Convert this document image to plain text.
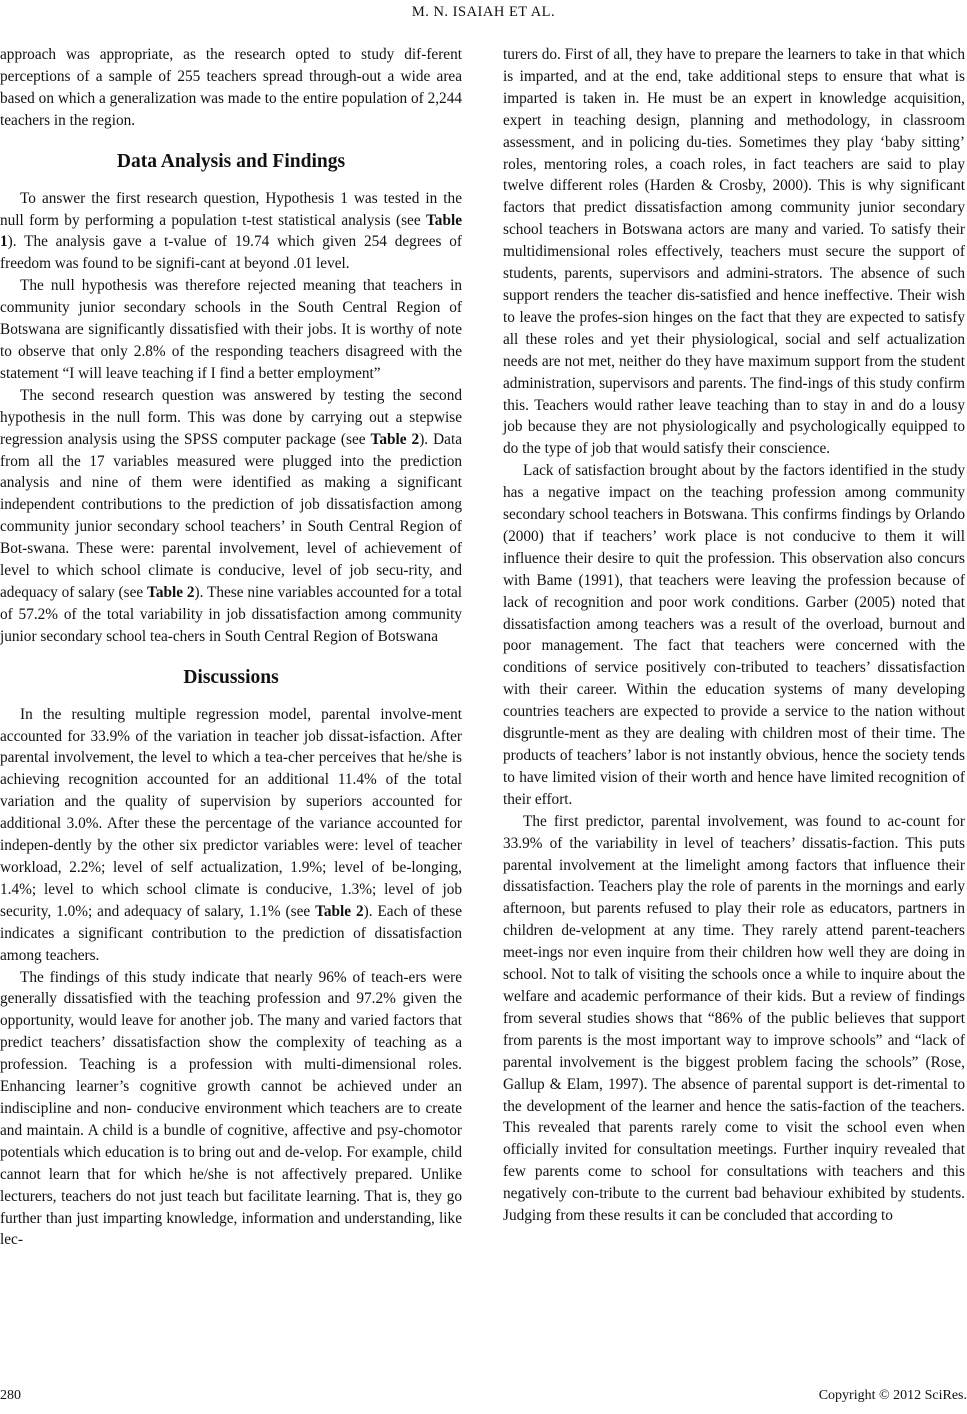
M. N. ISAIAH ET AL.

approach was appropriate, as the research opted to study dif-ferent perceptions of a sample of 255 teachers spread through-out a wide area based on which a generalization was made to the entire population of 2,244 teachers in the region.

Data Analysis and Findings

To answer the first research question, Hypothesis 1 was tested in the null form by performing a population t-test statistical analysis (see Table 1). The analysis gave a t-value of 19.74 which given 254 degrees of freedom was found to be signifi-cant at beyond .01 level.

The null hypothesis was therefore rejected meaning that teachers in community junior secondary schools in the South Central Region of Botswana are significantly dissatisfied with their jobs. It is worthy of note to observe that only 2.8% of the responding teachers disagreed with the statement “I will leave teaching if I find a better employment”

The second research question was answered by testing the second hypothesis in the null form. This was done by carrying out a stepwise regression analysis using the SPSS computer package (see Table 2). Data from all the 17 variables measured were plugged into the prediction analysis and nine of them were identified as making a significant independent contributions to the prediction of job dissatisfaction among community junior secondary school teachers’ in South Central Region of Bot-swana. These were: parental involvement, level of achievement of level to which school climate is conducive, level of job secu-rity, and adequacy of salary (see Table 2). These nine variables accounted for a total of 57.2% of the total variability in job dissatisfaction among community junior secondary school tea-chers in South Central Region of Botswana

Discussions

In the resulting multiple regression model, parental involve-ment accounted for 33.9% of the variation in teacher job dissat-isfaction. After parental involvement, the level to which a tea-cher perceives that he/she is achieving recognition accounted for an additional 11.4% of the total variation and the quality of supervision by superiors accounted for additional 3.0%. After these the percentage of the variance accounted for indepen-dently by the other six predictor variables were: level of teacher workload, 2.2%; level of self actualization, 1.9%; level of be-longing, 1.4%; level to which school climate is conducive, 1.3%; level of job security, 1.0%; and adequacy of salary, 1.1% (see Table 2). Each of these indicates a significant contribution to the prediction of dissatisfaction among teachers.

The findings of this study indicate that nearly 96% of teach-ers were generally dissatisfied with the teaching profession and 97.2% given the opportunity, would leave for another job. The many and varied factors that predict teachers’ dissatisfaction show the complexity of teaching as a profession. Teaching is a profession with multi-dimensional roles. Enhancing learner’s cognitive growth cannot be achieved under an indiscipline and non- conducive environment which teachers are to create and maintain. A child is a bundle of cognitive, affective and psy-chomotor potentials which education is to bring out and de-velop. For example, child cannot learn that for which he/she is not affectively prepared. Unlike lecturers, teachers do not just teach but facilitate learning. That is, they go further than just imparting knowledge, information and understanding, like lec-

turers do. First of all, they have to prepare the learners to take in that which is imparted, and at the end, take additional steps to ensure that what is imparted is taken in. He must be an expert in knowledge acquisition, expert in teaching design, planning and methodology, in classroom assessment, and in policing du-ties. Sometimes they play ‘baby sitting’ roles, mentoring roles, a coach roles, in fact teachers are said to play twelve different roles (Harden & Crosby, 2000). This is why significant factors that predict dissatisfaction among community junior secondary school teachers in Botswana actors are many and varied. To satisfy their multidimensional roles effectively, teachers must secure the support of students, parents, supervisors and admini-strators. The absence of such support renders the teacher dis-satisfied and hence ineffective. Their wish to leave the profes-sion hinges on the fact that they are expected to satisfy all these roles and yet their physiological, social and self actualization needs are not met, neither do they have maximum support from the student administration, supervisors and parents. The find-ings of this study confirm this. Teachers would rather leave teaching than to stay in and do a lousy job because they are not physiologically and psychologically equipped to do the type of job that would satisfy their conscience.

Lack of satisfaction brought about by the factors identified in the study has a negative impact on the teaching profession among community secondary school teachers in Botswana. This confirms findings by Orlando (2000) that if teachers’ work place is not conducive to them it will influence their desire to quit the profession. This observation also concurs with Bame (1991), that teachers were leaving the profession because of lack of recognition and poor work conditions. Garber (2005) noted that dissatisfaction among teachers was a result of the overload, burnout and poor management. The fact that teachers were concerned with the conditions of service positively con-tributed to teachers’ dissatisfaction with their career. Within the education systems of many developing countries teachers are expected to provide a service to the nation without disgruntle-ment as they are dealing with children most of their time. The products of teachers’ labor is not instantly obvious, hence the society tends to have limited vision of their worth and hence have limited recognition of their effort.

The first predictor, parental involvement, was found to ac-count for 33.9% of the variability in level of teachers’ dissatis-faction. This puts parental involvement at the limelight among factors that influence their dissatisfaction. Teachers play the role of parents in the mornings and early afternoon, but parents refused to play their role as educators, partners in children de-velopment at any time. They rarely attend parent-teachers meet-ings nor even inquire from their children how well they are doing in school. Not to talk of visiting the schools once a while to inquire about the welfare and academic performance of their kids. But a review of findings from several studies shows that “86% of the public believes that support from parents is the most important way to improve schools” and “lack of parental involvement is the biggest problem facing the schools” (Rose, Gallup & Elam, 1997). The absence of parental support is det-rimental to the development of the learner and hence the satis-faction of the teachers. This revealed that parents rarely come to visit the school even when officially invited for consultation meetings. Further inquiry revealed that few parents come to school for consultations with teachers and this negatively con-tribute to the current bad behaviour exhibited by students. Judging from these results it can be concluded that according to

280	Copyright © 2012 SciRes.
